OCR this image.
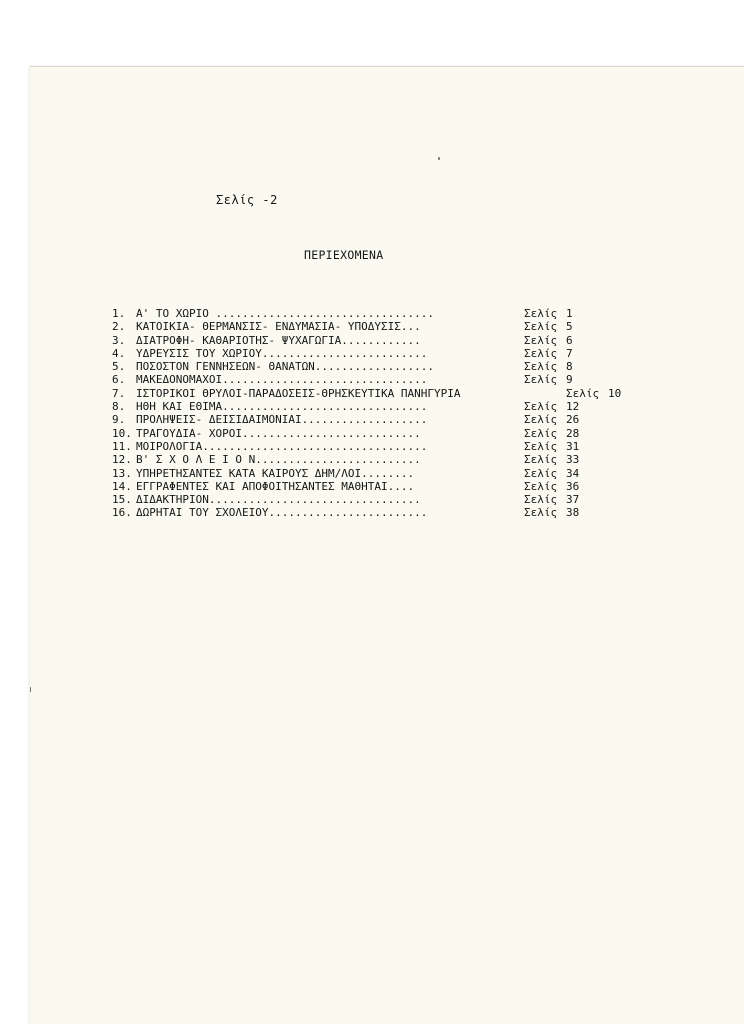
Σελίς -2
ΠΕΡΙΕΧΟΜΕΝΑ
1. Α' ΤΟ ΧΩΡΙΟ .................................	Σελίς 1
2. ΚΑΤΟΙΚΙΑ- ΘΕΡΜΑΝΣΙΣ- ΕΝΔΥΜΑΣΙΑ- ΥΠΟΔΥΣΙΣ...	Σελίς 5
3. ΔΙΑΤΡΟΦΗ- ΚΑΘΑΡΙΟΤΗΣ- ΨΥΧΑΓΩΓΙΑ............	Σελίς 6
4. ΥΔΡΕΥΣΙΣ ΤΟΥ ΧΩΡΙΟΥ.........................	Σελίς 7
5. ΠΟΣΟΣΤΟΝ ΓΕΝΝΗΣΕΩΝ- ΘΑΝΑΤΩΝ..................	Σελίς 8
6. ΜΑΚΕΔΟΝΟΜΑΧΟΙ...............................	Σελίς 9
7. ΙΣΤΟΡΙΚΟΙ ΘΡΥΛΟΙ-ΠΑΡΑΔΟΣΕΙΣ-ΘΡΗΣΚΕΥΤΙΚΑ ΠΑΝΗΓΥΡΙΑ	Σελίς 10
8. ΗΘΗ ΚΑΙ ΕΘΙΜΑ...............................	Σελίς 12
9. ΠΡΟΛΗΨΕΙΣ- ΔΕΙΣΙΔΑΙΜΟΝΙΑΙ...................	Σελίς 26
10. ΤΡΑΓΟΥΔΙΑ- ΧΟΡΟΙ...........................	Σελίς 28
11. ΜΟΙΡΟΛΟΓΙΑ..................................	Σελίς 31
12. Β' Σ Χ Ο Λ Ε Ι Ο Ν.........................	Σελίς 33
13. ΥΠΗΡΕΤΗΣΑΝΤΕΣ ΚΑΤΑ ΚΑΙΡΟΥΣ ΔΗΜ/ΛΟΙ........	Σελίς 34
14. ΕΓΓΡΑΦΕΝΤΕΣ ΚΑΙ ΑΠΟΦΟΙΤΗΣΑΝΤΕΣ ΜΑΘΗΤΑΙ....	Σελίς 36
15. ΔΙΔΑΚΤΗΡΙΟΝ................................	Σελίς 37
16. ΔΩΡΗΤΑΙ ΤΟΥ ΣΧΟΛΕΙΟΥ........................	Σελίς 38
